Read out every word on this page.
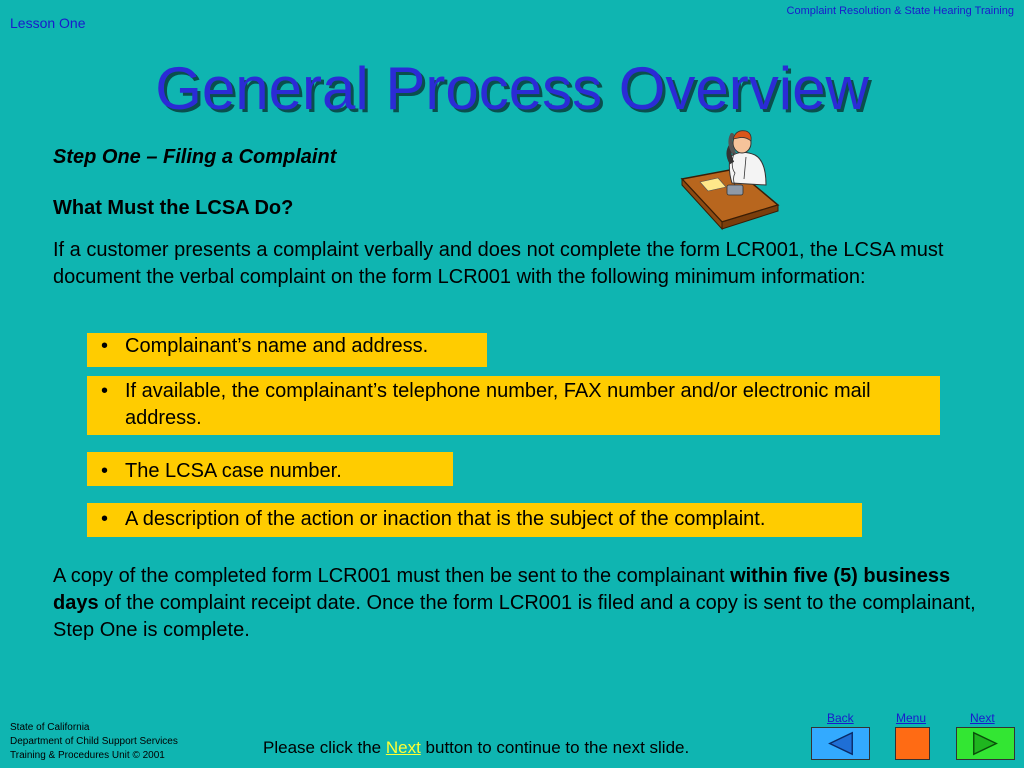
Lesson One
Complaint Resolution & State Hearing Training
General Process Overview
Step One – Filing a Complaint
What Must the LCSA Do?
If a customer presents a complaint verbally and does not complete the form LCR001, the LCSA must document the verbal complaint on the form LCR001 with the following minimum information:
• Complainant’s name and address.
• If available, the complainant’s telephone number, FAX number and/or electronic mail address.
• The LCSA case number.
• A description of the action or inaction that is the subject of the complaint.
A copy of the completed form LCR001 must then be sent to the complainant within five (5) business days of the complaint receipt date. Once the form LCR001 is filed and a copy is sent to the complainant, Step One is complete.
State of California
Department of Child Support Services
Training & Procedures Unit © 2001	Please click the Next button to continue to the next slide.
Back	Menu	Next
